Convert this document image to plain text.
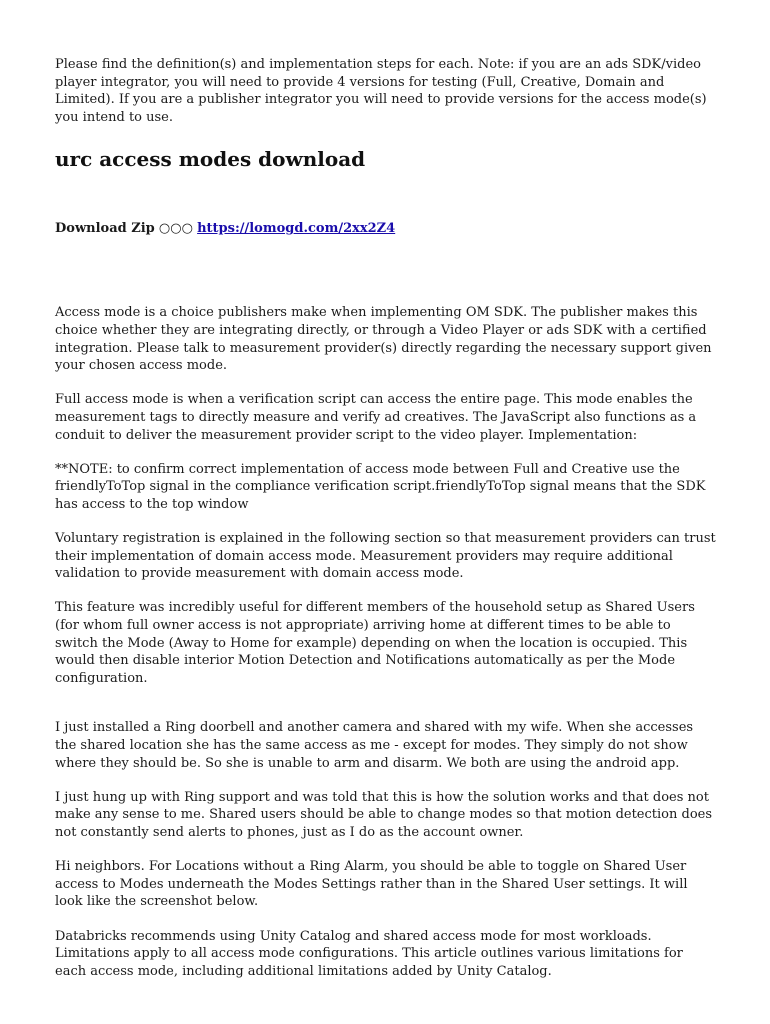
Please find the definition(s) and implementation steps for each. Note: if you are an ads SDK/video player integrator, you will need to provide 4 versions for testing (Full, Creative, Domain and Limited). If you are a publisher integrator you will need to provide versions for the access mode(s) you intend to use.

urc access modes download
Download Zip ○○○ https://lomogd.com/2xx2Z4

Access mode is a choice publishers make when implementing OM SDK. The publisher makes this choice whether they are integrating directly, or through a Video Player or ads SDK with a certified integration. Please talk to measurement provider(s) directly regarding the necessary support given your chosen access mode.

Full access mode is when a verification script can access the entire page. This mode enables the measurement tags to directly measure and verify ad creatives. The JavaScript also functions as a conduit to deliver the measurement provider script to the video player. Implementation:

**NOTE: to confirm correct implementation of access mode between Full and Creative use the friendlyToTop signal in the compliance verification script.friendlyToTop signal means that the SDK has access to the top window

Voluntary registration is explained in the following section so that measurement providers can trust their implementation of domain access mode. Measurement providers may require additional validation to provide measurement with domain access mode.

This feature was incredibly useful for different members of the household setup as Shared Users (for whom full owner access is not appropriate) arriving home at different times to be able to switch the Mode (Away to Home for example) depending on when the location is occupied. This would then disable interior Motion Detection and Notifications automatically as per the Mode configuration.

I just installed a Ring doorbell and another camera and shared with my wife. When she accesses the shared location she has the same access as me - except for modes. They simply do not show where they should be. So she is unable to arm and disarm. We both are using the android app.

I just hung up with Ring support and was told that this is how the solution works and that does not make any sense to me. Shared users should be able to change modes so that motion detection does not constantly send alerts to phones, just as I do as the account owner.

Hi neighbors. For Locations without a Ring Alarm, you should be able to toggle on Shared User access to Modes underneath the Modes Settings rather than in the Shared User settings. It will look like the screenshot below.

Databricks recommends using Unity Catalog and shared access mode for most workloads. Limitations apply to all access mode configurations. This article outlines various limitations for each access mode, including additional limitations added by Unity Catalog.
